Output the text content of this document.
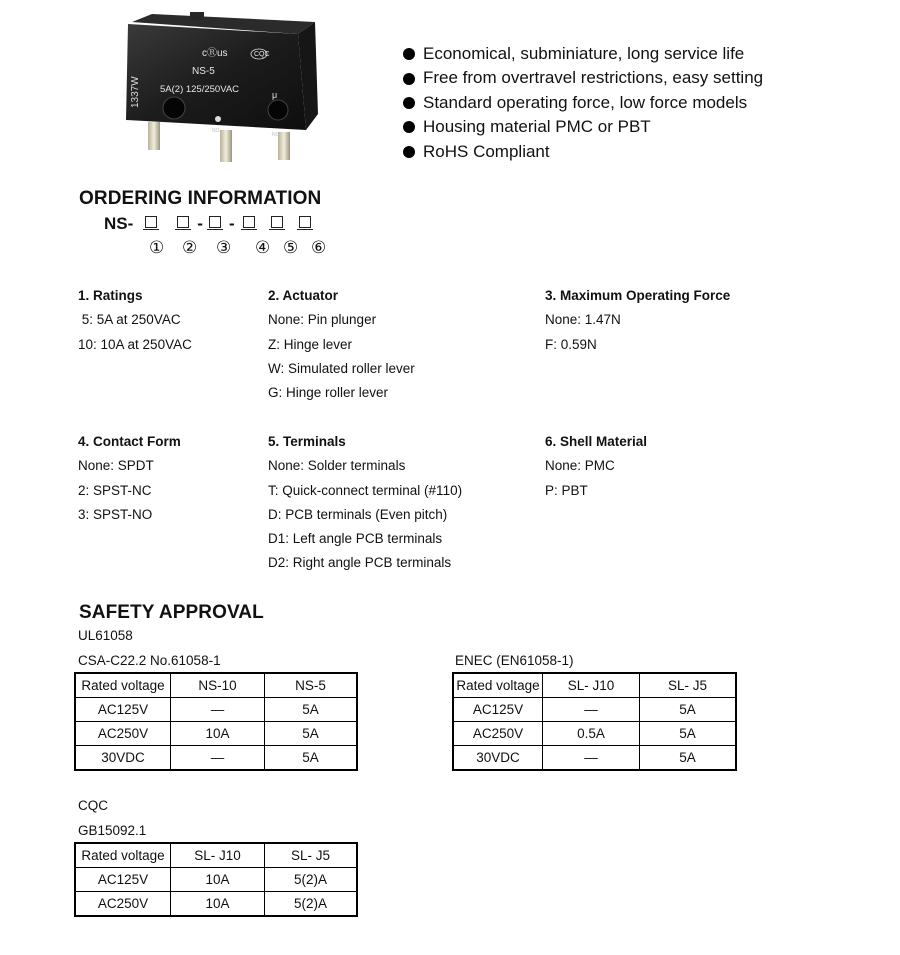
1337W
cⓇus	CQC
NS-5
5A(2) 125/250VAC	μ
NO
NC
Economical, subminiature, long service life
Free from overtravel restrictions, easy setting
Standard operating force, low force models
Housing material PMC or PBT
RoHS Compliant
ORDERING INFORMATION
NS-	- -
① ② ③ ④ ⑤ ⑥
1. Ratings
5: 5A at 250VAC
10: 10A at 250VAC
2. Actuator
None: Pin plunger
Z: Hinge lever
W: Simulated roller lever
G: Hinge roller lever
3. Maximum Operating Force
None: 1.47N
F: 0.59N
4. Contact Form
None: SPDT
2: SPST-NC
3: SPST-NO
5. Terminals
None: Solder terminals
T: Quick-connect terminal (#110)
D: PCB terminals (Even pitch)
D1: Left angle PCB terminals
D2: Right angle PCB terminals
6. Shell Material
None: PMC
P: PBT
SAFETY APPROVAL
UL61058
CSA-C22.2 No.61058-1	ENEC (EN61058-1)
Rated voltage	NS-10	NS-5
AC125V	—	5A
AC250V	10A	5A
30VDC	—	5A
Rated voltage	SL- J10	SL- J5
AC125V	—	5A
AC250V	0.5A	5A
30VDC	—	5A
CQC
GB15092.1
Rated voltage	SL- J10	SL- J5
AC125V	10A	5(2)A
AC250V	10A	5(2)A
